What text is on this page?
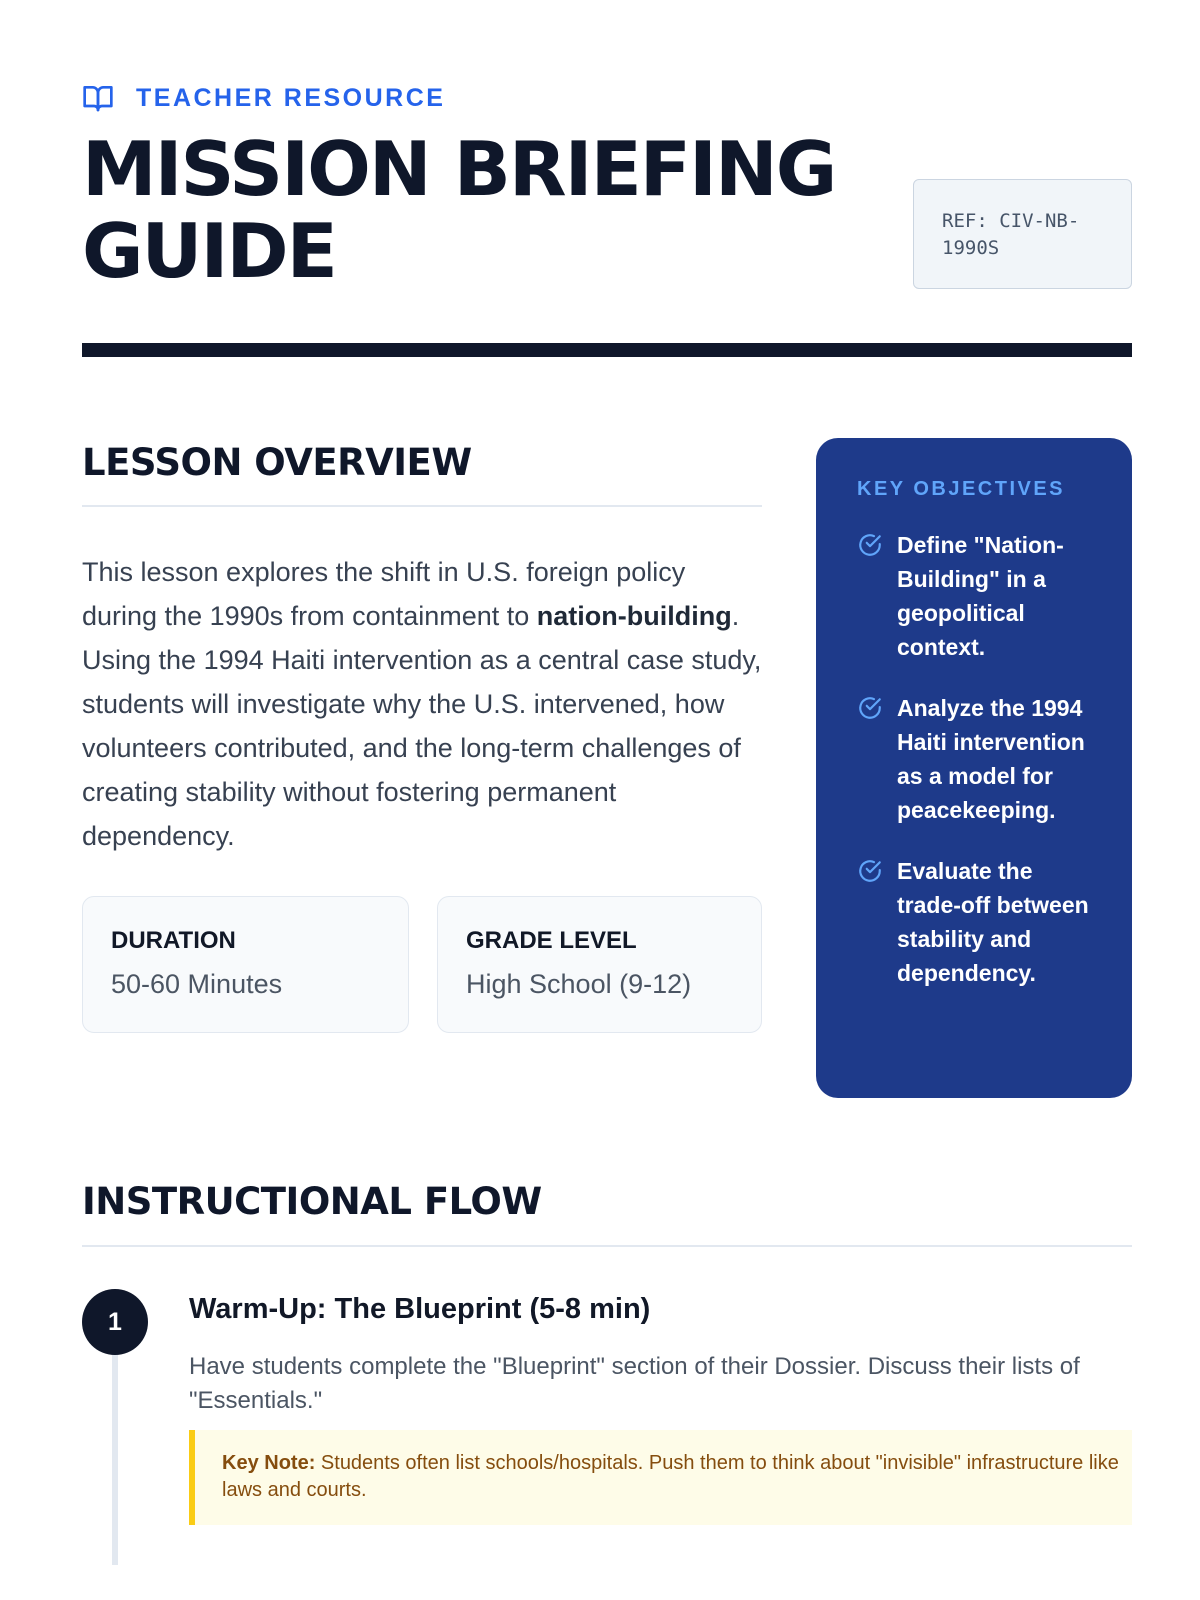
TEACHER RESOURCE
MISSION BRIEFING
GUIDE	REF: CIV-NB-
1990S
LESSON OVERVIEW

This lesson explores the shift in U.S. foreign policy during the 1990s from containment to nation-building. Using the 1994 Haiti intervention as a central case study, students will investigate why the U.S. intervened, how volunteers contributed, and the long-term challenges of creating stability without fostering permanent dependency.

DURATION
50-60 Minutes
GRADE LEVEL
High School (9-12)
KEY OBJECTIVES
Define "Nation-Building" in a geopolitical context.
Analyze the 1994 Haiti intervention as a model for peacekeeping.
Evaluate the trade-off between stability and dependency.
INSTRUCTIONAL FLOW
1	Warm-Up: The Blueprint (5-8 min)

Have students complete the "Blueprint" section of their Dossier. Discuss their lists of "Essentials."

Key Note: Students often list schools/hospitals. Push them to think about "invisible" infrastructure like laws and courts.
